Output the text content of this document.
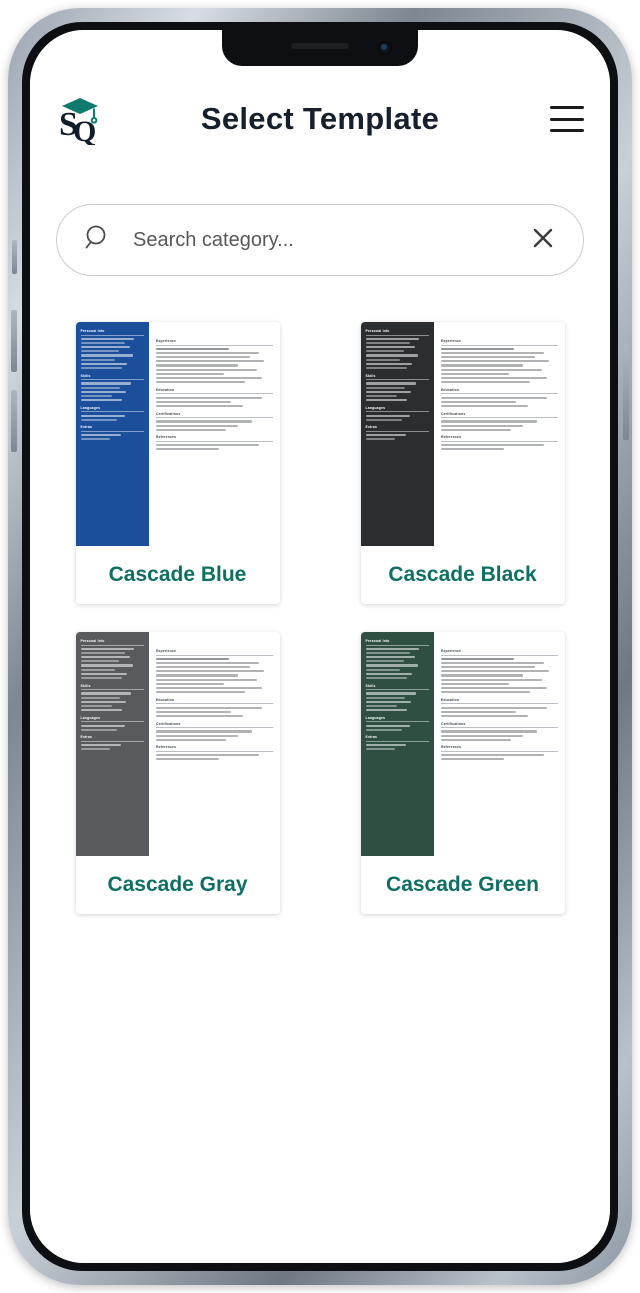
S
Q	Select Template
Search category...
Personal Info
Skills
Languages
Extras
Experience
Education
Certifications
References
Cascade Blue
Personal Info
Skills
Languages
Extras
Experience
Education
Certifications
References
Cascade Black
Personal Info
Skills
Languages
Extras
Experience
Education
Certifications
References
Cascade Gray
Personal Info
Skills
Languages
Extras
Experience
Education
Certifications
References
Cascade Green
